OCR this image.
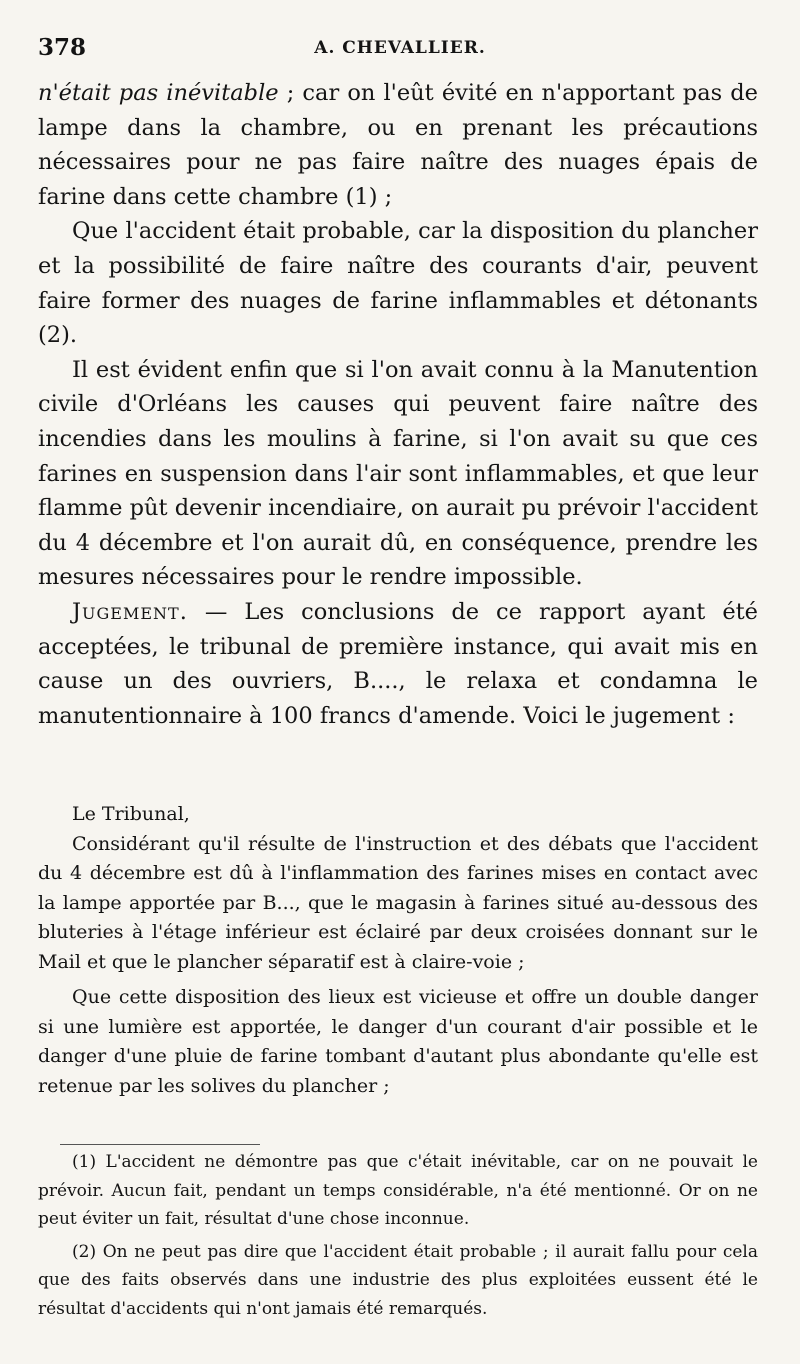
378	A. CHEVALLIER.

n'était pas inévitable ; car on l'eût évité en n'apportant pas de lampe dans la chambre, ou en prenant les précautions nécessaires pour ne pas faire naître des nuages épais de farine dans cette chambre (1) ;

Que l'accident était probable, car la disposition du plancher et la possibilité de faire naître des courants d'air, peuvent faire former des nuages de farine inflammables et détonants (2).

Il est évident enfin que si l'on avait connu à la Manutention civile d'Orléans les causes qui peuvent faire naître des incendies dans les moulins à farine, si l'on avait su que ces farines en suspension dans l'air sont inflammables, et que leur flamme pût devenir incendiaire, on aurait pu prévoir l'accident du 4 décembre et l'on aurait dû, en conséquence, prendre les mesures nécessaires pour le rendre impossible.

Jugement. — Les conclusions de ce rapport ayant été acceptées, le tribunal de première instance, qui avait mis en cause un des ouvriers, B...., le relaxa et condamna le manutentionnaire à 100 francs d'amende. Voici le jugement :

Le Tribunal,

Considérant qu'il résulte de l'instruction et des débats que l'accident du 4 décembre est dû à l'inflammation des farines mises en contact avec la lampe apportée par B..., que le magasin à farines situé au-dessous des bluteries à l'étage inférieur est éclairé par deux croisées donnant sur le Mail et que le plancher séparatif est à claire-voie ;

Que cette disposition des lieux est vicieuse et offre un double danger si une lumière est apportée, le danger d'un courant d'air possible et le danger d'une pluie de farine tombant d'autant plus abondante qu'elle est retenue par les solives du plancher ;

(1) L'accident ne démontre pas que c'était inévitable, car on ne pouvait le prévoir. Aucun fait, pendant un temps considérable, n'a été mentionné. Or on ne peut éviter un fait, résultat d'une chose inconnue.

(2) On ne peut pas dire que l'accident était probable ; il aurait fallu pour cela que des faits observés dans une industrie des plus exploitées eussent été le résultat d'accidents qui n'ont jamais été remarqués.
